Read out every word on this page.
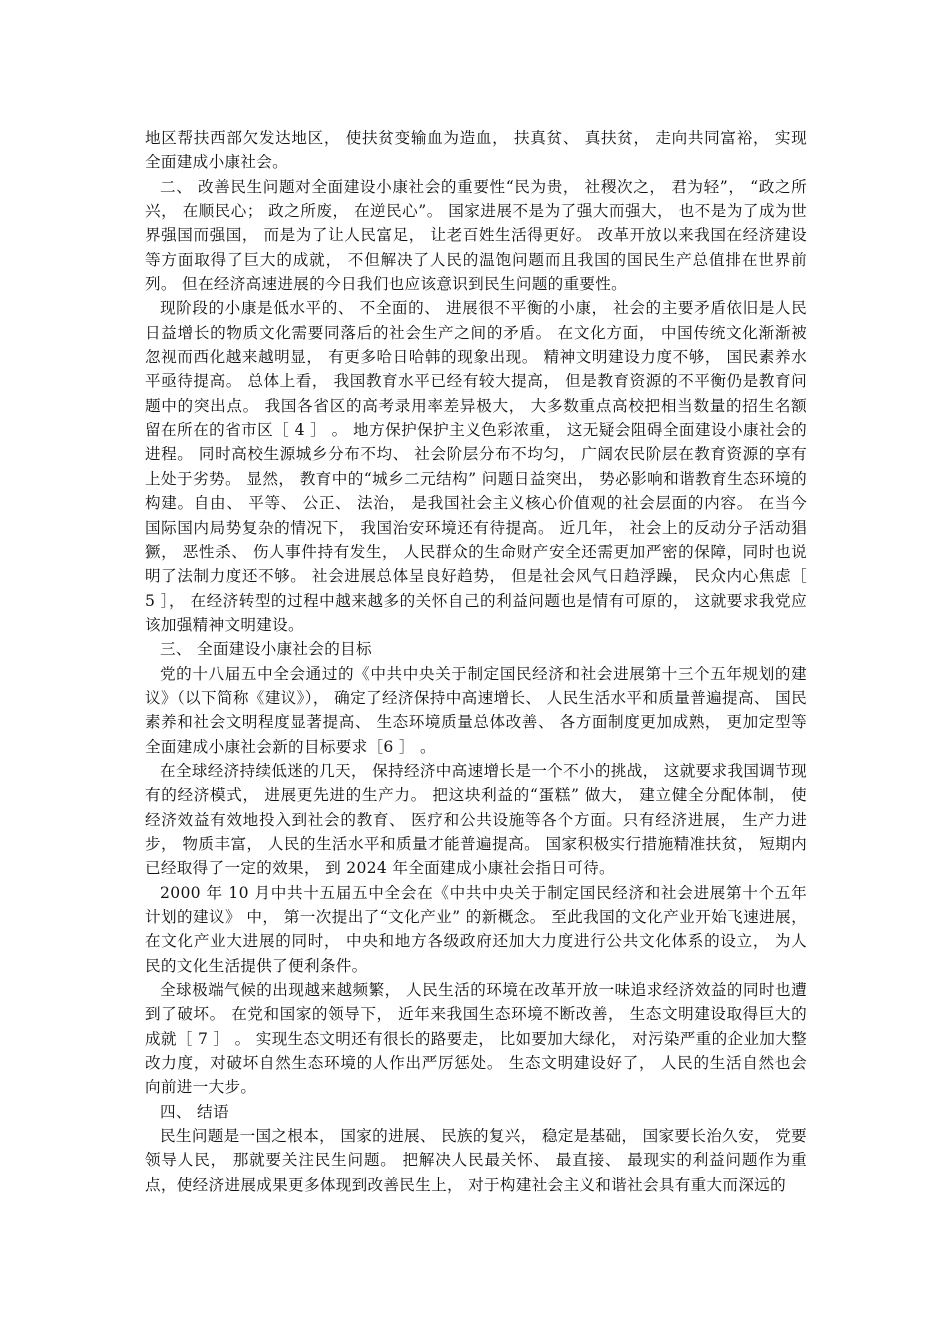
地区帮扶西部欠发达地区， 使扶贫变输血为造血， 扶真贫、 真扶贫， 走向共同富裕， 实现全面建成小康社会。

二、 改善民生问题对全面建设小康社会的重要性“民为贵， 社稷次之， 君为轻”， “政之所兴， 在顺民心； 政之所废， 在逆民心”。 国家进展不是为了强大而强大， 也不是为了成为世界强国而强国， 而是为了让人民富足， 让老百姓生活得更好。 改革开放以来我国在经济建设等方面取得了巨大的成就， 不但解决了人民的温饱问题而且我国的国民生产总值排在世界前列。 但在经济高速进展的今日我们也应该意识到民生问题的重要性。

现阶段的小康是低水平的、 不全面的、 进展很不平衡的小康， 社会的主要矛盾依旧是人民日益增长的物质文化需要同落后的社会生产之间的矛盾。 在文化方面， 中国传统文化渐渐被忽视而西化越来越明显， 有更多哈日哈韩的现象出现。 精神文明建设力度不够， 国民素养水平亟待提高。 总体上看， 我国教育水平已经有较大提高， 但是教育资源的不平衡仍是教育问题中的突出点。 我国各省区的高考录用率差异极大， 大多数重点高校把相当数量的招生名额留在所在的省市区［ 4 ］ 。 地方保护保护主义色彩浓重， 这无疑会阻碍全面建设小康社会的进程。 同时高校生源城乡分布不均、 社会阶层分布不均匀， 广阔农民阶层在教育资源的享有上处于劣势。 显然， 教育中的“城乡二元结构” 问题日益突出， 势必影响和谐教育生态环境的构建。自由、 平等、 公正、 法治， 是我国社会主义核心价值观的社会层面的内容。 在当今国际国内局势复杂的情况下， 我国治安环境还有待提高。 近几年， 社会上的反动分子活动猖獗， 恶性杀、 伤人事件持有发生， 人民群众的生命财产安全还需更加严密的保障，同时也说明了法制力度还不够。 社会进展总体呈良好趋势， 但是社会风气日趋浮躁， 民众内心焦虑［ 5 ］， 在经济转型的过程中越来越多的关怀自己的利益问题也是情有可原的， 这就要求我党应该加强精神文明建设。

三、 全面建设小康社会的目标

党的十八届五中全会通过的《中共中央关于制定国民经济和社会进展第十三个五年规划的建议》（以下简称《建议》）， 确定了经济保持中高速增长、 人民生活水平和质量普遍提高、 国民素养和社会文明程度显著提高、 生态环境质量总体改善、 各方面制度更加成熟， 更加定型等全面建成小康社会新的目标要求［6 ］ 。

在全球经济持续低迷的几天， 保持经济中高速增长是一个不小的挑战， 这就要求我国调节现有的经济模式， 进展更先进的生产力。 把这块利益的“蛋糕” 做大， 建立健全分配体制， 使经济效益有效地投入到社会的教育、 医疗和公共设施等各个方面。只有经济进展， 生产力进步， 物质丰富， 人民的生活水平和质量才能普遍提高。 国家积极实行措施精准扶贫， 短期内已经取得了一定的效果， 到 2024 年全面建成小康社会指日可待。

2000 年 10 月中共十五届五中全会在《中共中央关于制定国民经济和社会进展第十个五年计划的建议》 中， 第一次提出了“文化产业” 的新概念。 至此我国的文化产业开始飞速进展，在文化产业大进展的同时， 中央和地方各级政府还加大力度进行公共文化体系的设立， 为人民的文化生活提供了便利条件。

全球极端气候的出现越来越频繁， 人民生活的环境在改革开放一味追求经济效益的同时也遭到了破坏。 在党和国家的领导下， 近年来我国生态环境不断改善， 生态文明建设取得巨大的成就［ 7 ］ 。 实现生态文明还有很长的路要走， 比如要加大绿化， 对污染严重的企业加大整改力度，对破坏自然生态环境的人作出严厉惩处。 生态文明建设好了， 人民的生活自然也会向前进一大步。

四、 结语

民生问题是一国之根本， 国家的进展、 民族的复兴， 稳定是基础， 国家要长治久安， 党要领导人民， 那就要关注民生问题。 把解决人民最关怀、 最直接、 最现实的利益问题作为重点，使经济进展成果更多体现到改善民生上， 对于构建社会主义和谐社会具有重大而深远的
